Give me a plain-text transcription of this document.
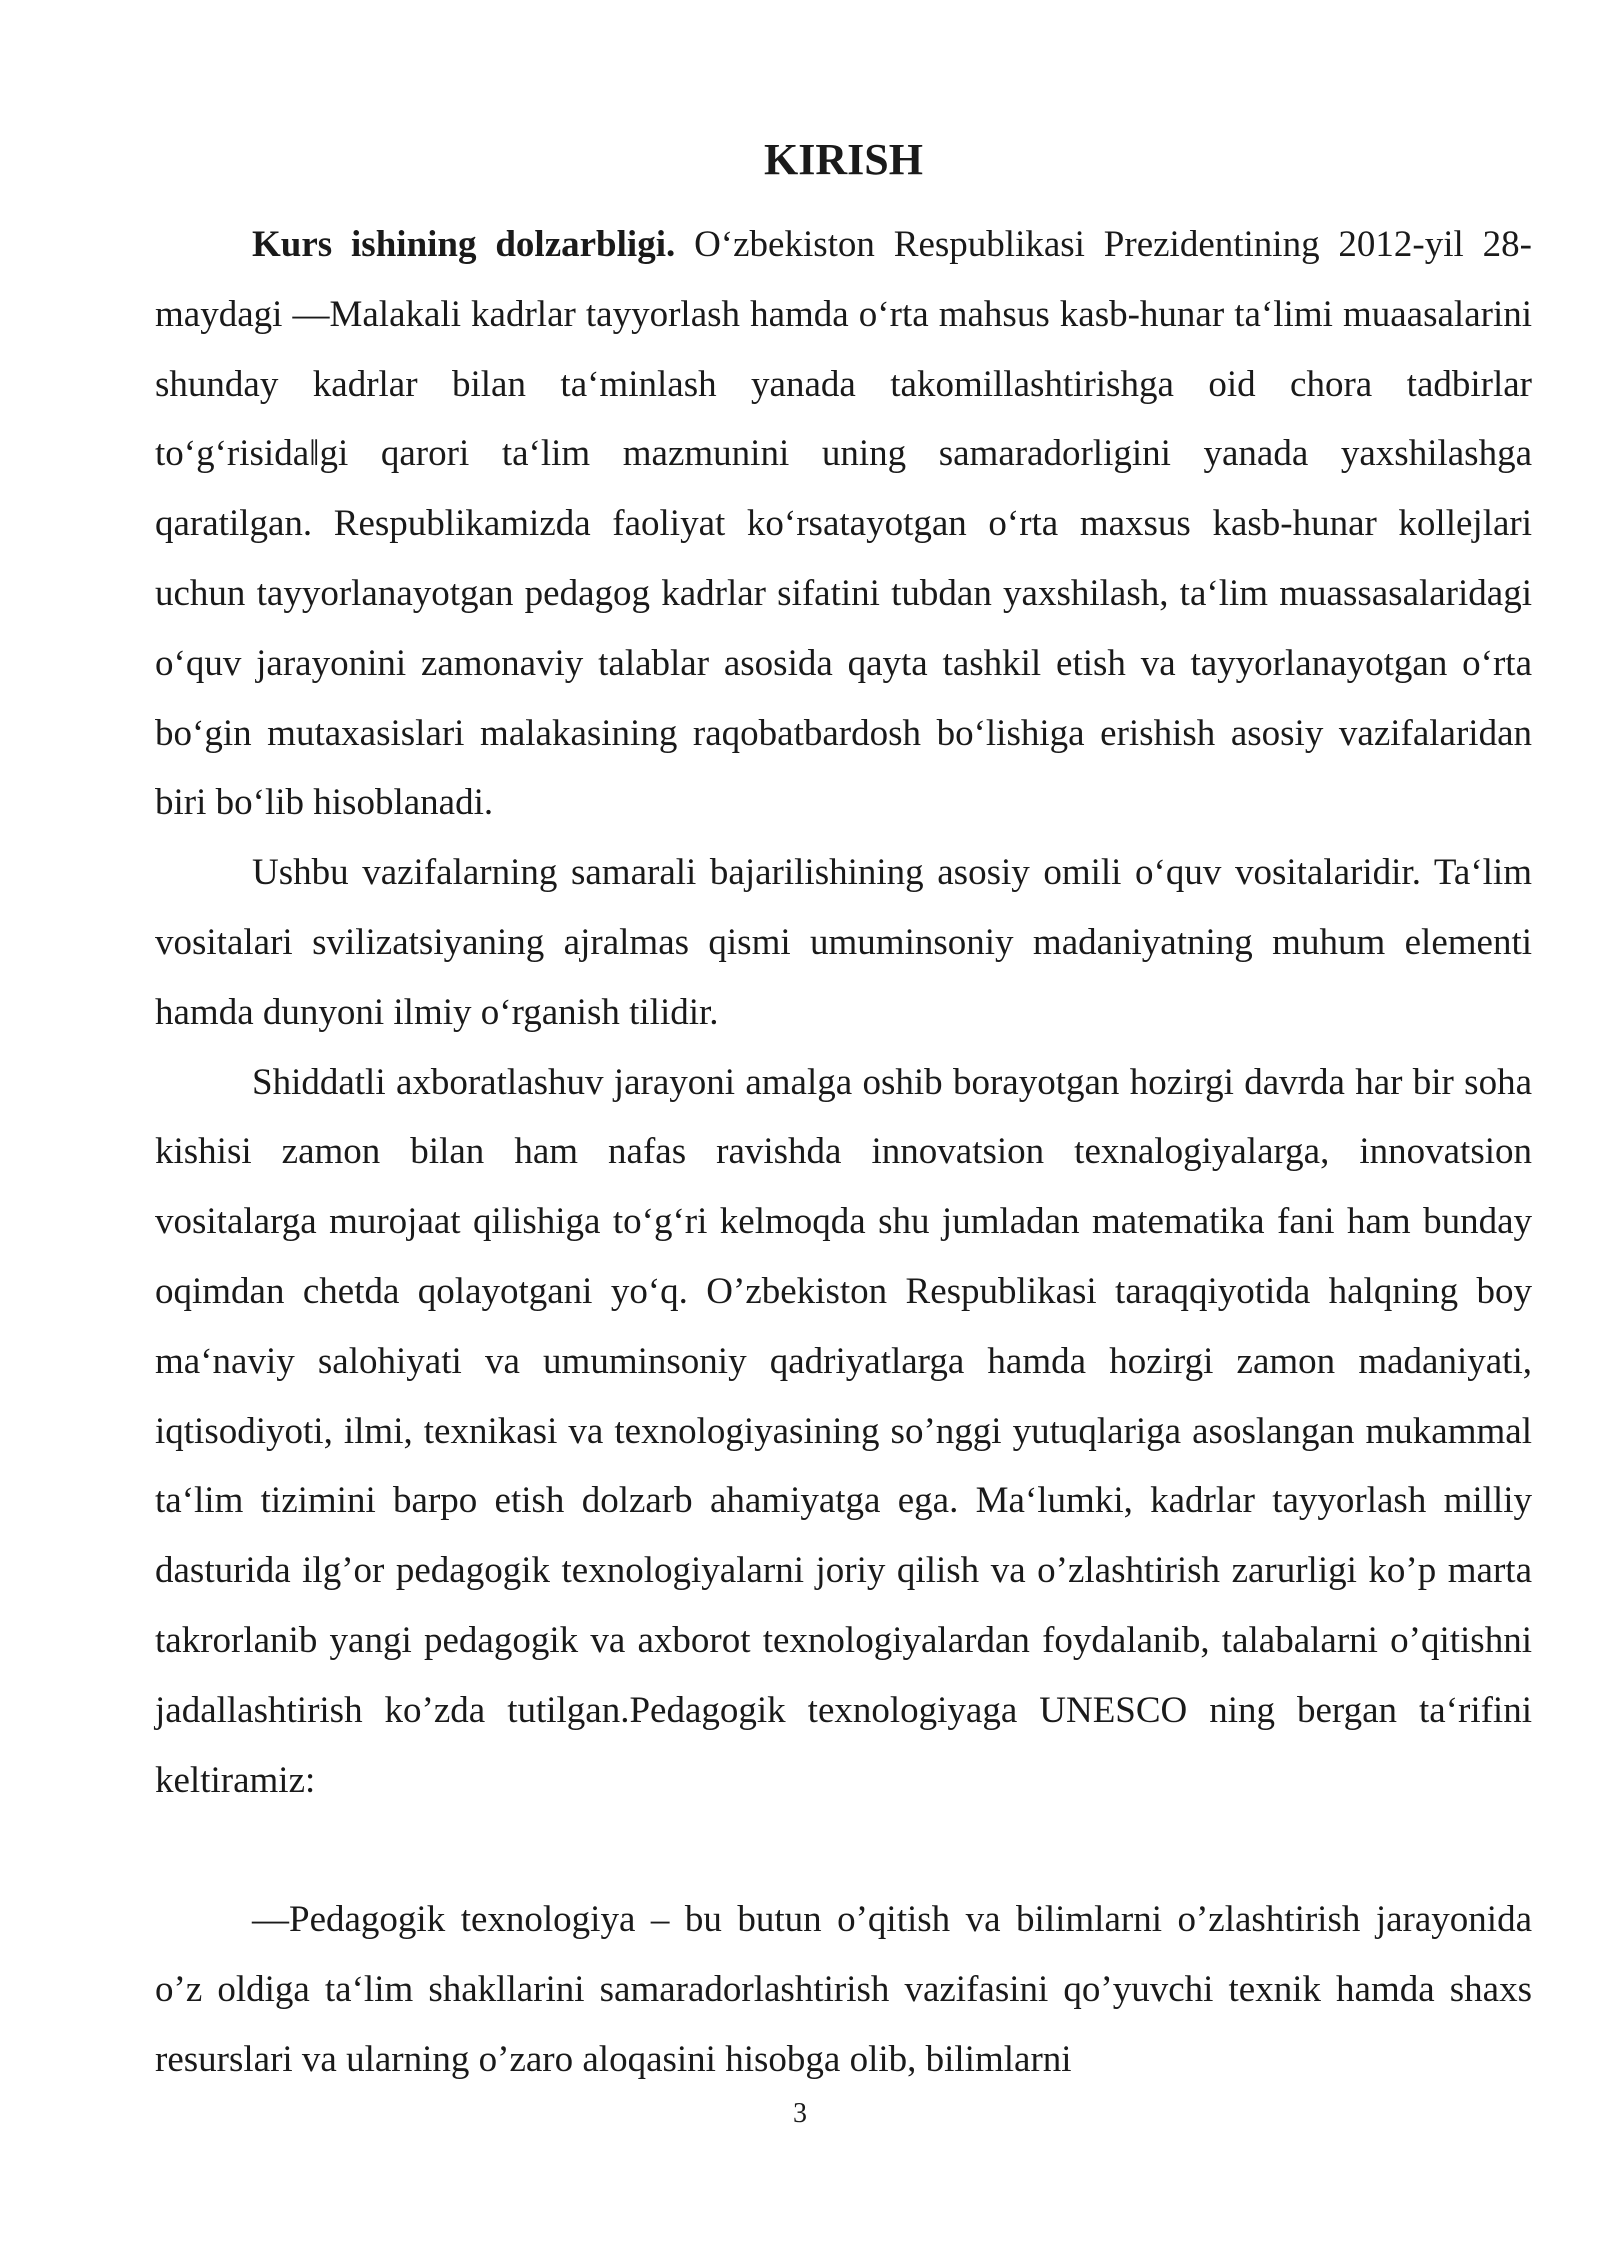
KIRISH

Kurs ishining dolzarbligi. O‘zbekiston Respublikasi Prezidentining 2012-yil 28-maydagi ―Malakali kadrlar tayyorlash hamda o‘rta mahsus kasb-hunar ta‘limi muaasalarini shunday kadrlar bilan ta‘minlash yanada takomillashtirishga oid chora tadbirlar to‘g‘risida‖gi qarori ta‘lim mazmunini uning samaradorligini yanada yaxshilashga qaratilgan. Respublikamizda faoliyat ko‘rsatayotgan o‘rta maxsus kasb-hunar kollejlari uchun tayyorlanayotgan pedagog kadrlar sifatini tubdan yaxshilash, ta‘lim muassasalaridagi o‘quv jarayonini zamonaviy talablar asosida qayta tashkil etish va tayyorlanayotgan o‘rta bo‘gin mutaxasislari malakasining raqobatbardosh bo‘lishiga erishish asosiy vazifalaridan biri bo‘lib hisoblanadi.

Ushbu vazifalarning samarali bajarilishining asosiy omili o‘quv vositalaridir. Ta‘lim vositalari svilizatsiyaning ajralmas qismi umuminsoniy madaniyatning muhum elementi hamda dunyoni ilmiy o‘rganish tilidir.

Shiddatli axboratlashuv jarayoni amalga oshib borayotgan hozirgi davrda har bir soha kishisi zamon bilan ham nafas ravishda innovatsion texnalogiyalarga, innovatsion vositalarga murojaat qilishiga to‘g‘ri kelmoqda shu jumladan matematika fani ham bunday oqimdan chetda qolayotgani yo‘q. O’zbekiston Respublikasi taraqqiyotida halqning boy ma‘naviy salohiyati va umuminsoniy qadriyatlarga hamda hozirgi zamon madaniyati, iqtisodiyoti, ilmi, texnikasi va texnologiyasining so’nggi yutuqlariga asoslangan mukammal ta‘lim tizimini barpo etish dolzarb ahamiyatga ega. Ma‘lumki, kadrlar tayyorlash milliy dasturida ilg’or pedagogik texnologiyalarni joriy qilish va o’zlashtirish zarurligi ko’p marta takrorlanib yangi pedagogik va axborot texnologiyalardan foydalanib, talabalarni o’qitishni jadallashtirish ko’zda tutilgan.Pedagogik texnologiyaga UNESCO ning bergan ta‘rifini keltiramiz:

―Pedagogik texnologiya – bu butun o’qitish va bilimlarni o’zlashtirish jarayonida o’z oldiga ta‘lim shakllarini samaradorlashtirish vazifasini qo’yuvchi texnik hamda shaxs resurslari va ularning o’zaro aloqasini hisobga olib, bilimlarni

3
